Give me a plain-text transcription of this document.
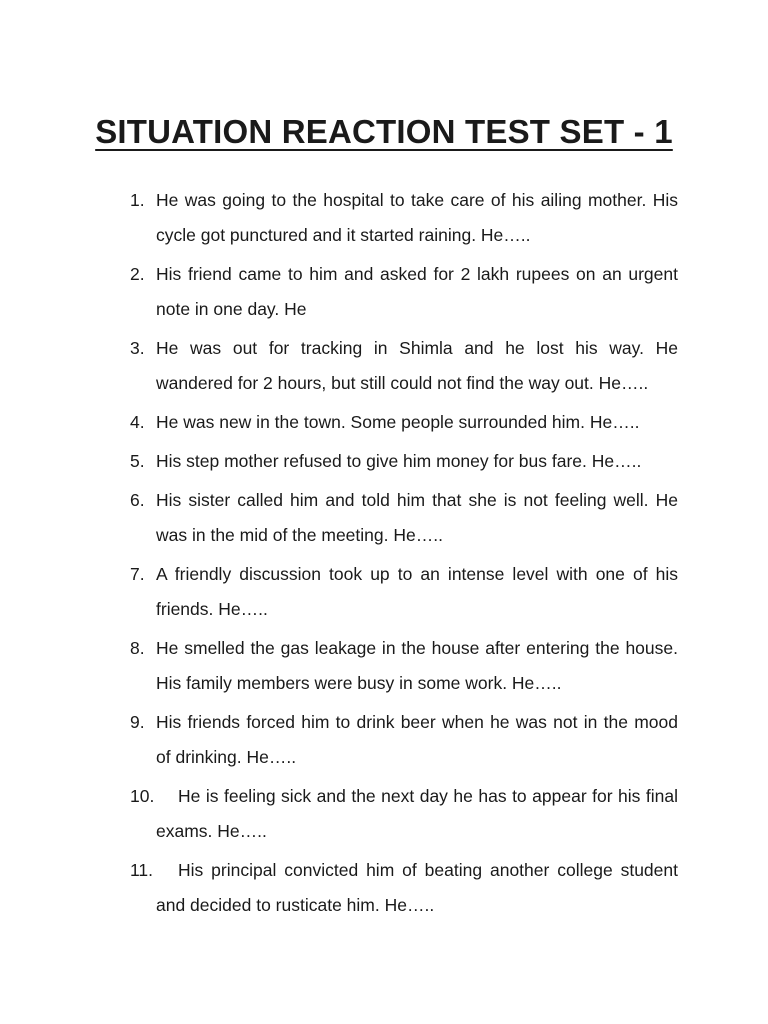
SITUATION REACTION TEST SET - 1
1. He was going to the hospital to take care of his ailing mother. His cycle got punctured and it started raining. He…..
2. His friend came to him and asked for 2 lakh rupees on an urgent note in one day. He
3. He was out for tracking in Shimla and he lost his way. He wandered for 2 hours, but still could not find the way out. He…..
4. He was new in the town. Some people surrounded him. He…..
5. His step mother refused to give him money for bus fare. He…..
6. His sister called him and told him that she is not feeling well. He was in the mid of the meeting. He…..
7. A friendly discussion took up to an intense level with one of his friends. He…..
8. He smelled the gas leakage in the house after entering the house. His family members were busy in some work. He…..
9. His friends forced him to drink beer when he was not in the mood of drinking. He…..
10.	He is feeling sick and the next day he has to appear for his final exams. He…..
11.	His principal convicted him of beating another college student and decided to rusticate him. He…..
